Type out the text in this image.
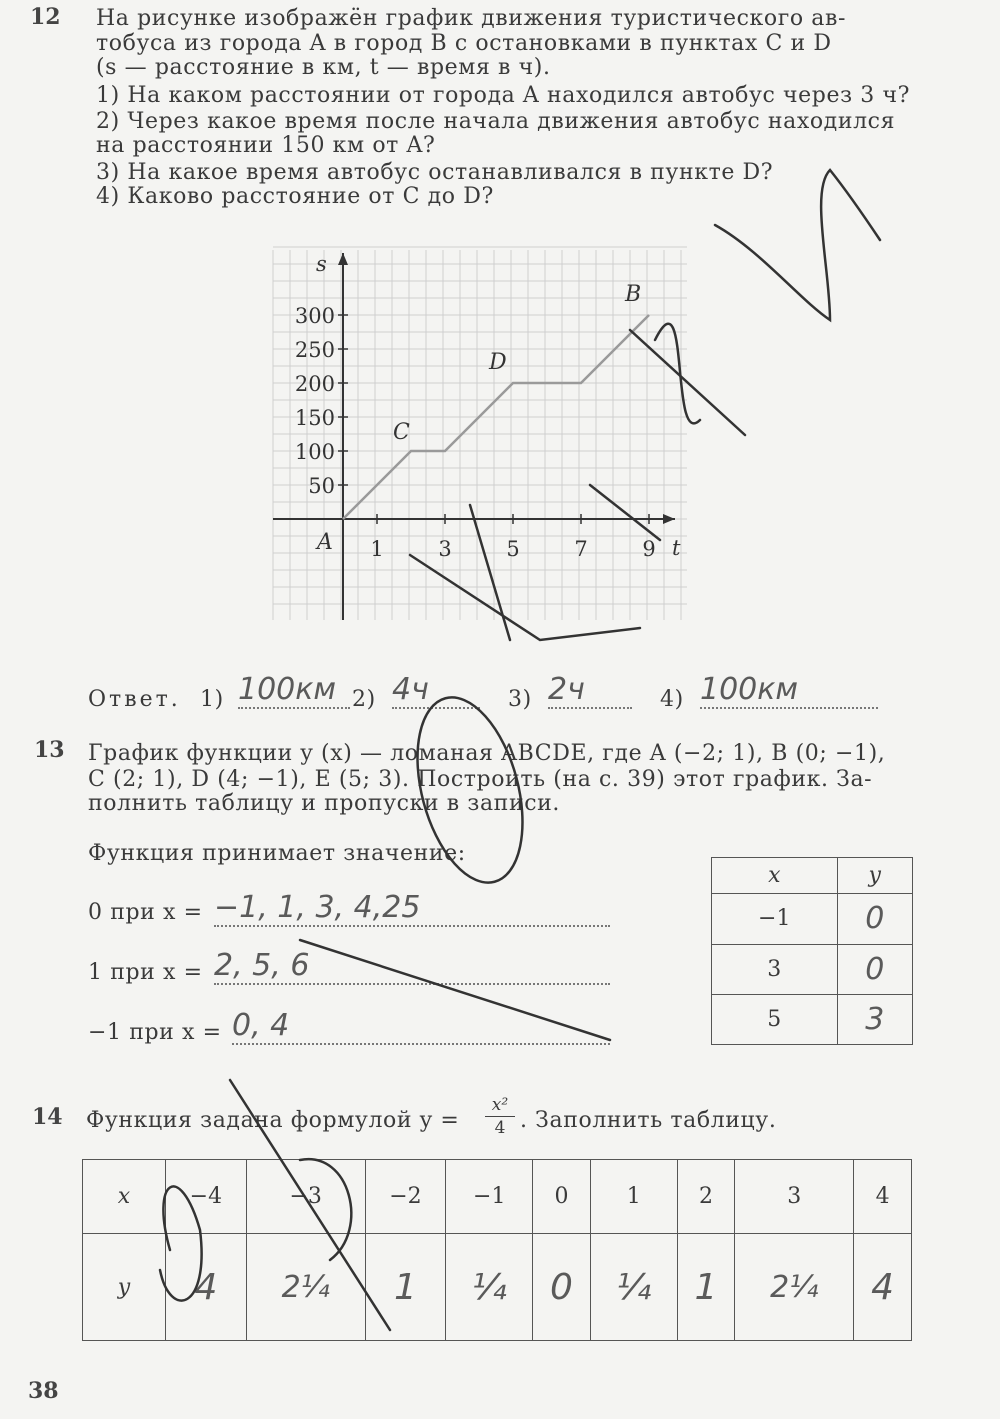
12 На рисунке изображён график движения туристического ав-
тобуса из города A в город B с остановками в пунктах C и D
(s — расстояние в км, t — время в ч).
1) На каком расстоянии от города A находился автобус через 3 ч?
2) Через какое время после начала движения автобус находился
на расстоянии 150 км от A?
3) На какое время автобус останавливался в пункте D?
4) Каково расстояние от C до D?
1	3	5	7	9
50
100
150
200
250
300
t
s
A
C
D
B
Ответ. 1) 100км 2) 4ч	3) 2ч	4) 100км
13 График функции y (x) — ломаная ABCDE, где A (−2; 1), B (0; −1),
C (2; 1), D (4; −1), E (5; 3). Построить (на с. 39) этот график. За-
полнить таблицу и пропуски в записи.
Функция принимает значение:
0 при x = −1, 1, 3, 4,25
1 при x = 2, 5, 6
−1 при x = 0, 4
x	y
−1	0
3	0
5	3
14 Функция задана формулой $y = \frac{\text{x²}}{4}$ . Заполнить таблицу.
x	−4	−3	−2	−1	0	1	2	3	4
y	4	2¼	1	¼	0	¼	1	2¼	4
38
